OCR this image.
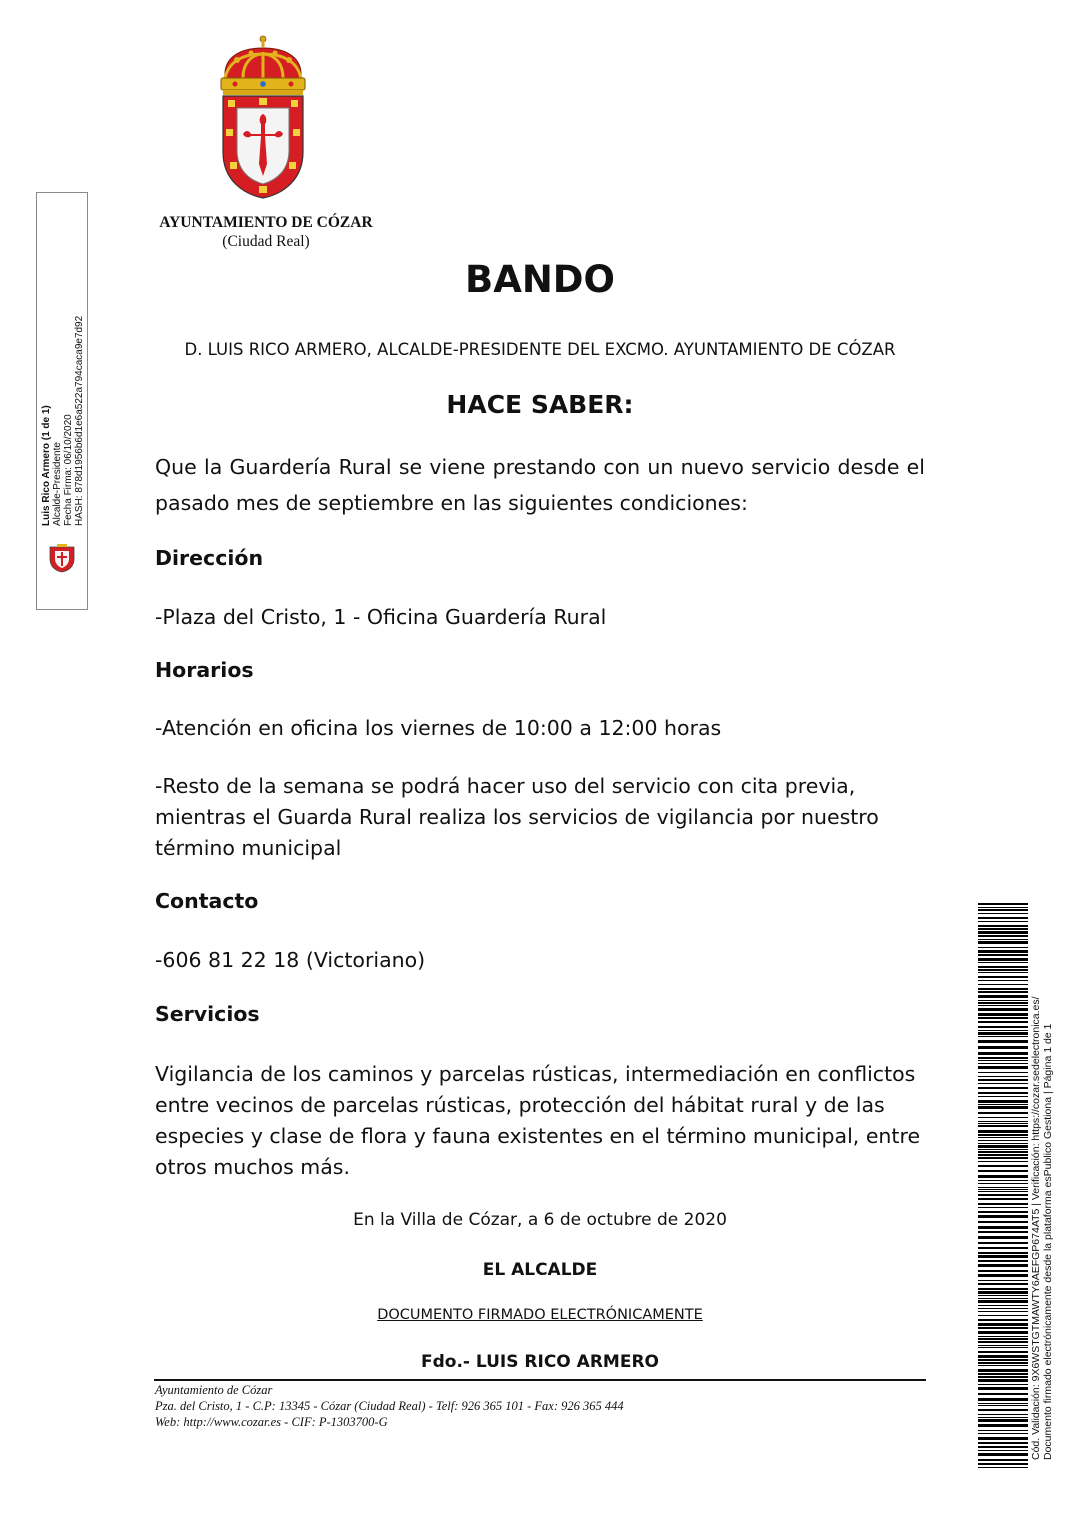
AYUNTAMIENTO DE CÓZAR
(Ciudad Real)
Luis Rico Armero (1 de 1) Alcalde-Presidente Fecha Firma: 06/10/2020 HASH: 878d1956b6d1e6a522a794caca9e7d92
BANDO
D. LUIS RICO ARMERO, ALCALDE-PRESIDENTE DEL EXCMO. AYUNTAMIENTO DE CÓZAR
HACE SABER:
Que la Guardería Rural se viene prestando con un nuevo servicio desde el pasado mes de septiembre en las siguientes condiciones:
Dirección
-Plaza del Cristo, 1 - Oficina Guardería Rural
Horarios
-Atención en oficina los viernes de 10:00 a 12:00 horas
-Resto de la semana se podrá hacer uso del servicio con cita previa, mientras el Guarda Rural realiza los servicios de vigilancia por nuestro término municipal
Contacto
-606 81 22 18 (Victoriano)
Servicios
Vigilancia de los caminos y parcelas rústicas, intermediación en conflictos entre vecinos de parcelas rústicas, protección del hábitat rural y de las especies y clase de flora y fauna existentes en el término municipal, entre otros muchos más.
En la Villa de Cózar, a 6 de octubre de 2020
EL ALCALDE
DOCUMENTO FIRMADO ELECTRÓNICAMENTE
Fdo.- LUIS RICO ARMERO
Ayuntamiento de Cózar
Pza. del Cristo, 1 - C.P: 13345 - Cózar (Ciudad Real) - Telf: 926 365 101 - Fax: 926 365 444
Web: http://www.cozar.es - CIF: P-1303700-G	Cód. Validación: 9X6WSTGTMAWTY6AEFGP674AT5 | Verificación: https://cozar.sedelectronica.es/ Documento firmado electrónicamente desde la plataforma esPublico Gestiona | Página 1 de 1
